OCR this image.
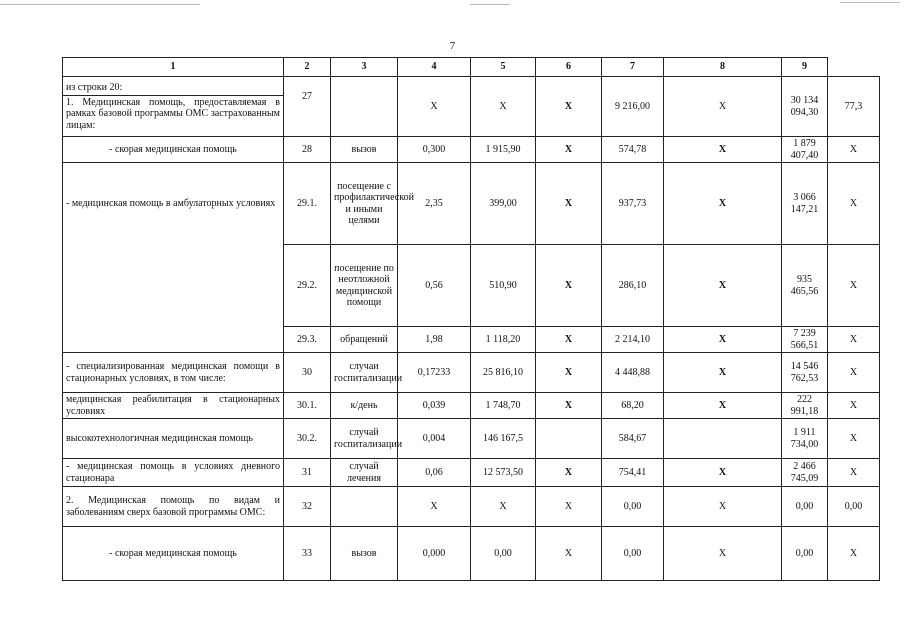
7
1	2	3	4	5	6	7	8	9	

из строки 20:
1. Медицинская помощь, предоставляемая в рамках базовой программы ОМС застрахованным лицам:	27		Х	Х	Х	9 216,00	Х	30 134 094,30	77,3
- скорая медицинская помощь	28	вызов	0,300	1 915,90	Х	574,78	Х	1 879 407,40	Х

- медицинская помощь в амбулаторных условиях	29.1.	посещение с профилактической и иными целями	2,35	399,00	Х	937,73	Х	3 066 147,21	Х
	29.2.	посещение по неотложной медицинской помощи	0,56	510,90	Х	286,10	Х	935 465,56	Х
	29.3.	обращений	1,98	1 118,20	Х	2 214,10	Х	7 239 566,51	Х
- специализированная медицинская помощи в стационарных условиях, в том числе:	30	случаи госпитализации	0,17233	25 816,10	Х	4 448,88	Х	14 546 762,53	Х
медицинская реабилитация в стационарных условиях	30.1.	к/день	0,039	1 748,70	Х	68,20	Х	222 991,18	Х
высокотехнологичная медицинская помощь	30.2.	случай госпитализации	0,004	146 167,5		584,67		1 911 734,00	Х
- медицинская помощь в условиях дневного стационара	31	случай лечения	0,06	12 573,50	Х	754,41	Х	2 466 745,09	Х
2. Медицинская помощь по видам и заболеваниям сверх базовой программы ОМС:	32		Х	Х	Х	0,00	Х	0,00	0,00
- скорая медицинская помощь	33	вызов	0,000	0,00	Х	0,00	Х	0,00	Х
